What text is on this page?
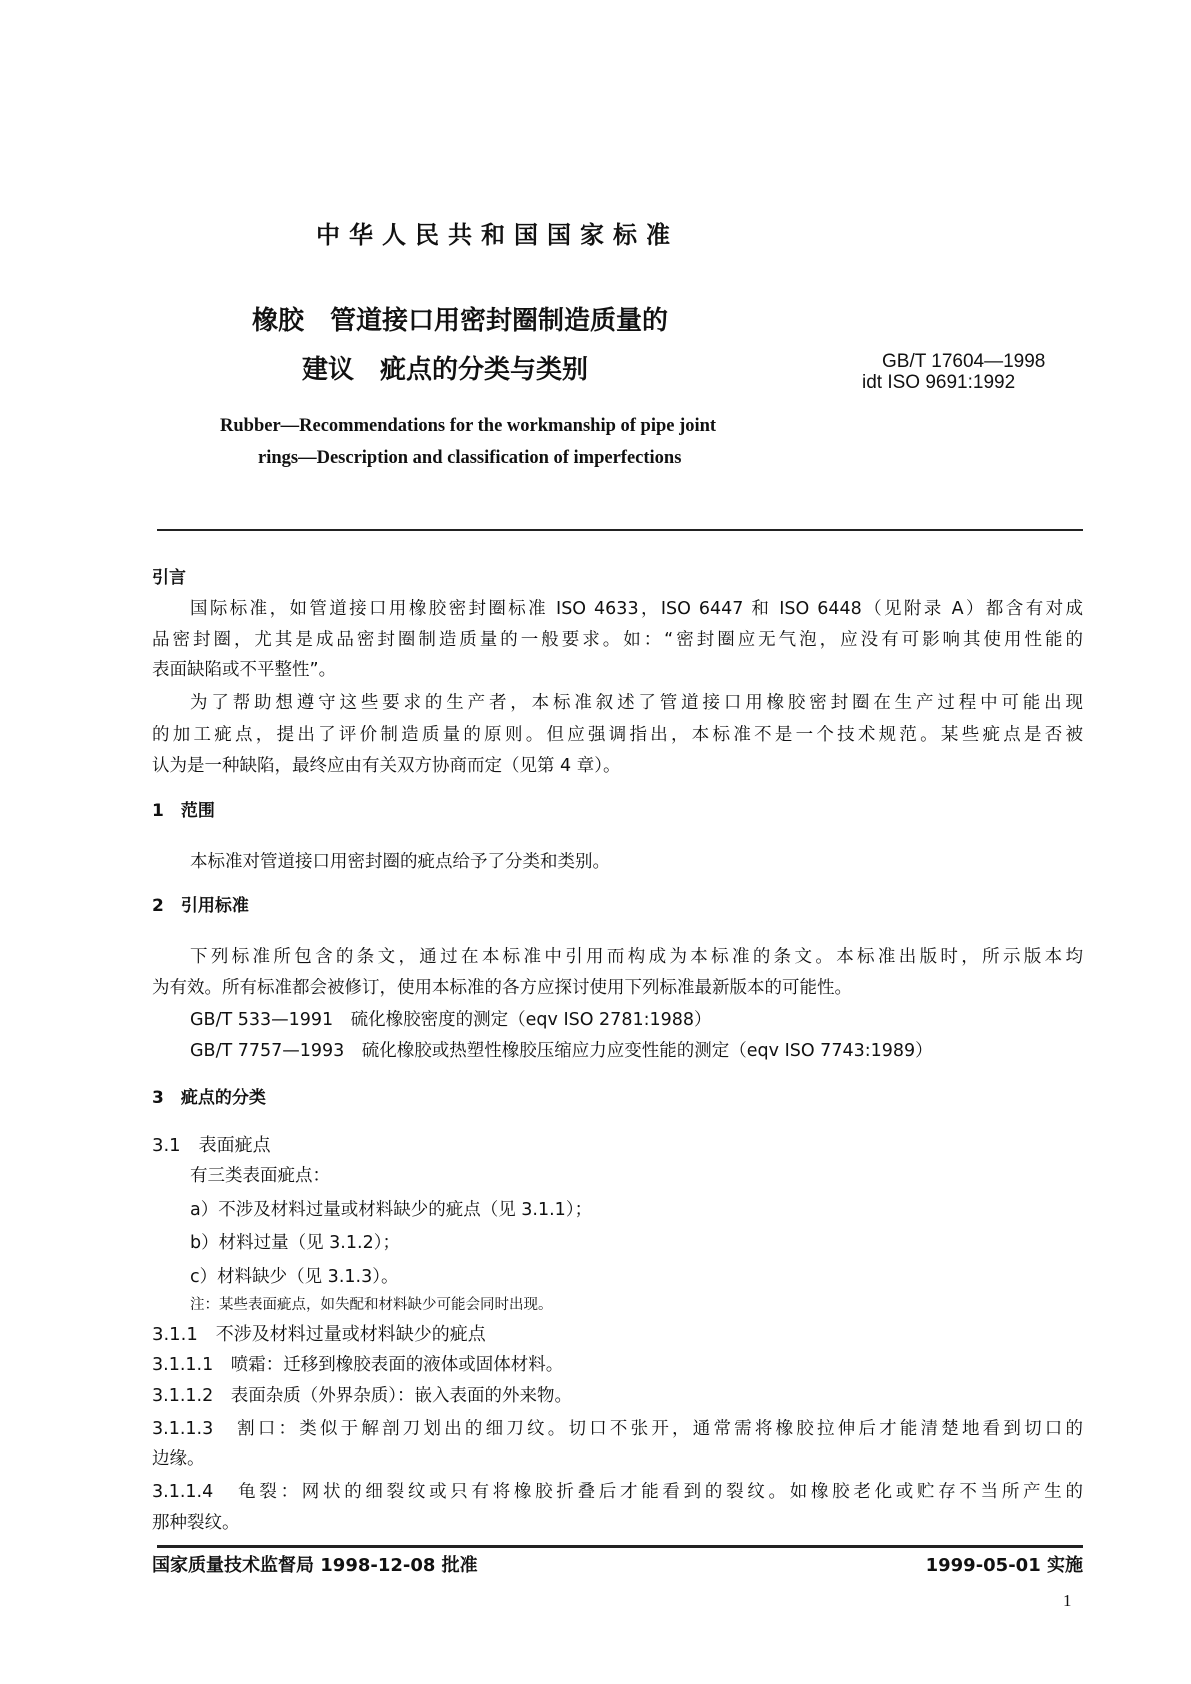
中华人民共和国国家标准
橡胶　管道接口用密封圈制造质量的
建议　疵点的分类与类别	GB/T 17604—1998
idt ISO 9691:1992
Rubber—Recommendations for the workmanship of pipe joint
rings—Description and classification of imperfections
引言
国际标准，如管道接口用橡胶密封圈标准 ISO 4633，ISO 6447 和 ISO 6448（见附录 A）都含有对成
品密封圈，尤其是成品密封圈制造质量的一般要求。如：“密封圈应无气泡，应没有可影响其使用性能的
表面缺陷或不平整性”。
为了帮助想遵守这些要求的生产者，本标准叙述了管道接口用橡胶密封圈在生产过程中可能出现
的加工疵点，提出了评价制造质量的原则。但应强调指出，本标准不是一个技术规范。某些疵点是否被
认为是一种缺陷，最终应由有关双方协商而定（见第 4 章）。
1　范围
本标准对管道接口用密封圈的疵点给予了分类和类别。
2　引用标准
下列标准所包含的条文，通过在本标准中引用而构成为本标准的条文。本标准出版时，所示版本均
为有效。所有标准都会被修订，使用本标准的各方应探讨使用下列标准最新版本的可能性。
GB/T 533—1991　硫化橡胶密度的测定（eqv ISO 2781:1988）
GB/T 7757—1993　硫化橡胶或热塑性橡胶压缩应力应变性能的测定（eqv ISO 7743:1989）
3　疵点的分类
3.1　表面疵点
有三类表面疵点：
a）不涉及材料过量或材料缺少的疵点（见 3.1.1）；
b）材料过量（见 3.1.2）；
c）材料缺少（见 3.1.3）。
注：某些表面疵点，如失配和材料缺少可能会同时出现。
3.1.1　不涉及材料过量或材料缺少的疵点
3.1.1.1　喷霜：迁移到橡胶表面的液体或固体材料。
3.1.1.2　表面杂质（外界杂质）：嵌入表面的外来物。
3.1.1.3　割口：类似于解剖刀划出的细刀纹。切口不张开，通常需将橡胶拉伸后才能清楚地看到切口的
边缘。
3.1.1.4　龟裂：网状的细裂纹或只有将橡胶折叠后才能看到的裂纹。如橡胶老化或贮存不当所产生的
那种裂纹。
国家质量技术监督局 1998-12-08 批准	1999-05-01 实施
1
